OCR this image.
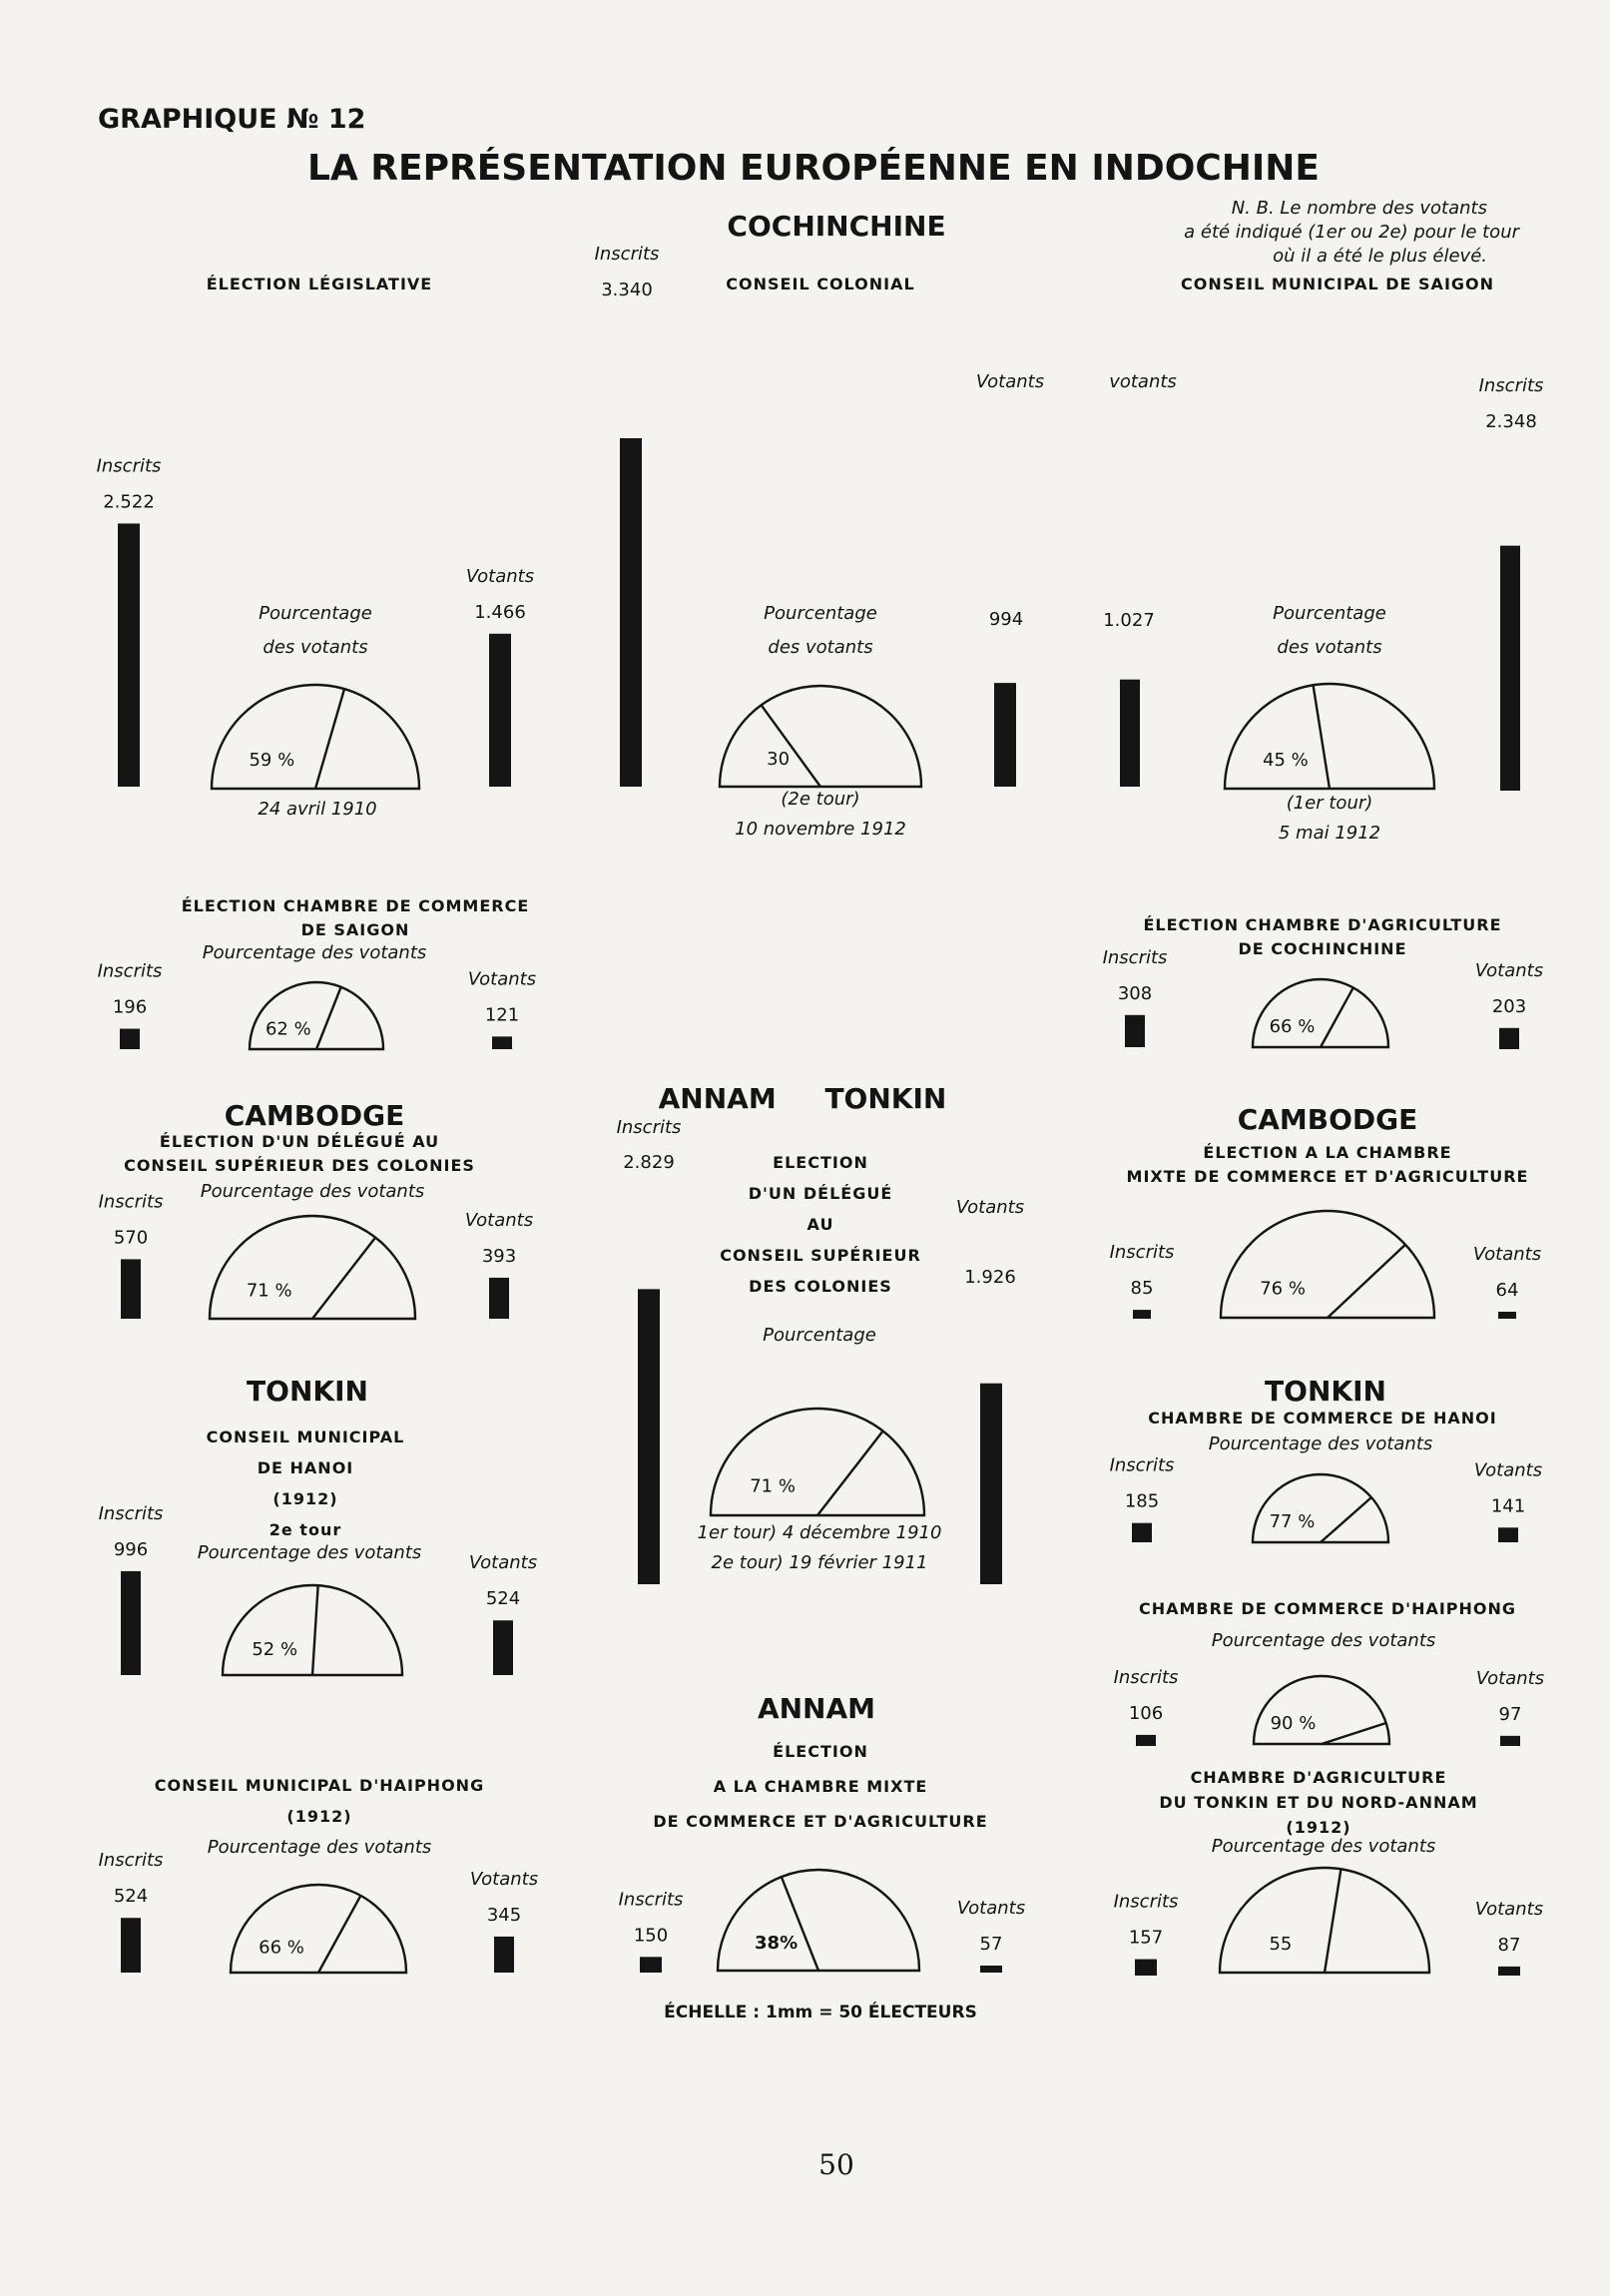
GRAPHIQUE № 12
LA REPRÉSENTATION EUROPÉENNE EN INDOCHINE
N. B. Le nombre des votants
a été indiqué (1er ou 2e) pour le tour
où il a été le plus élevé.
COCHINCHINE
CAMBODGE	CAMBODGE
TONKIN	TONKIN
ANNAM     TONKIN
ANNAM
ÉLECTION LÉGISLATIVE
Inscrits
2.522
Votants
1.466
59 %
Pourcentage
des votants
24 avril 1910
CONSEIL COLONIAL
Inscrits
3.340
Votants
994
30
Pourcentage
des votants
(2e tour)
10 novembre 1912
CONSEIL MUNICIPAL DE SAIGON
votants
1.027
Inscrits
2.348
45 %
Pourcentage
des votants
(1er tour)
5 mai 1912
ÉLECTION CHAMBRE DE COMMERCE
DE SAIGON
Inscrits
196
Votants
121
62 %
Pourcentage des votants
ÉLECTION CHAMBRE D'AGRICULTURE
DE COCHINCHINE
Inscrits
308
Votants
203
66 %
ÉLECTION D'UN DÉLÉGUÉ AU
CONSEIL SUPÉRIEUR DES COLONIES
Inscrits
570
Votants
393
71 %
Pourcentage des votants
ELECTION
D'UN DÉLÉGUÉ
AU
CONSEIL SUPÉRIEUR
DES COLONIES
Inscrits
2.829
Votants
1.926
71 %
Pourcentage
1er tour) 4 décembre 1910
2e tour) 19 février 1911
ÉLECTION A LA CHAMBRE
MIXTE DE COMMERCE ET D'AGRICULTURE
Inscrits
85
Votants
64
76 %
CONSEIL MUNICIPAL
DE HANOI
(1912)
2e tour
Inscrits
996
Votants
524
52 %
Pourcentage des votants
CHAMBRE DE COMMERCE DE HANOI
Inscrits
185
Votants
141
77 %
Pourcentage des votants
CHAMBRE DE COMMERCE D'HAIPHONG
Inscrits
106
Votants
97
90 %
Pourcentage des votants
CONSEIL MUNICIPAL D'HAIPHONG
(1912)
Inscrits
524
Votants
345
66 %
Pourcentage des votants
ÉLECTION
A LA CHAMBRE MIXTE
DE COMMERCE ET D'AGRICULTURE
Inscrits
150
Votants
57
38%
CHAMBRE D'AGRICULTURE
DU TONKIN ET DU NORD-ANNAM
(1912)
Inscrits
157
Votants
87
55
Pourcentage des votants
ÉCHELLE : 1mm = 50 ÉLECTEURS
50
